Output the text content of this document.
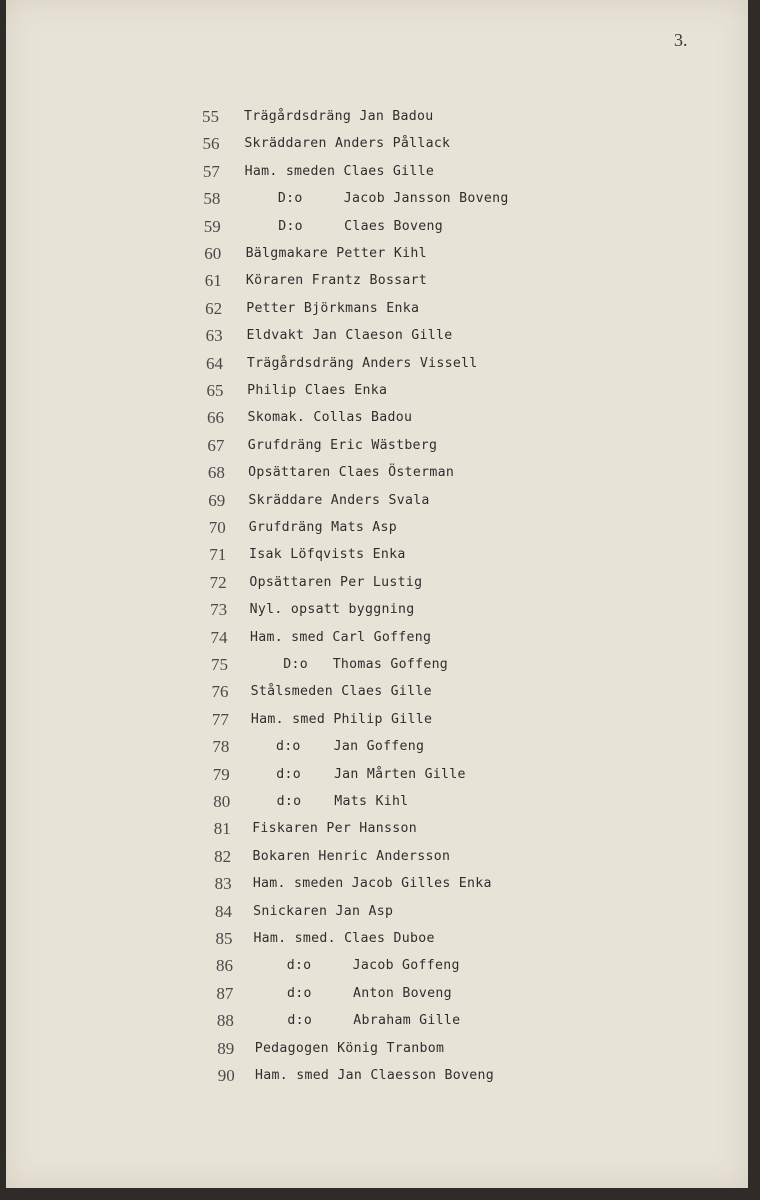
3.
55	Trägårdsdräng Jan Badou
56	Skräddaren Anders Pållack
57	Ham. smeden Claes Gille
58	D:o     Jacob Jansson Boveng
59	D:o     Claes Boveng
60	Bälgmakare Petter Kihl
61	Köraren Frantz Bossart
62	Petter Björkmans Enka
63	Eldvakt Jan Claeson Gille
64	Trägårdsdräng Anders Vissell
65	Philip Claes Enka
66	Skomak. Collas Badou
67	Grufdräng Eric Wästberg
68	Opsättaren Claes Österman
69	Skräddare Anders Svala
70	Grufdräng Mats Asp
71	Isak Löfqvists Enka
72	Opsättaren Per Lustig
73	Nyl. opsatt byggning
74	Ham. smed Carl Goffeng
75	D:o   Thomas Goffeng
76	Stålsmeden Claes Gille
77	Ham. smed Philip Gille
78	d:o    Jan Goffeng
79	d:o    Jan Mårten Gille
80	d:o    Mats Kihl
81	Fiskaren Per Hansson
82	Bokaren Henric Andersson
83	Ham. smeden Jacob Gilles Enka
84	Snickaren Jan Asp
85	Ham. smed. Claes Duboe
86	d:o     Jacob Goffeng
87	d:o     Anton Boveng
88	d:o     Abraham Gille
89	Pedagogen König Tranbom
90	Ham. smed Jan Claesson Boveng
